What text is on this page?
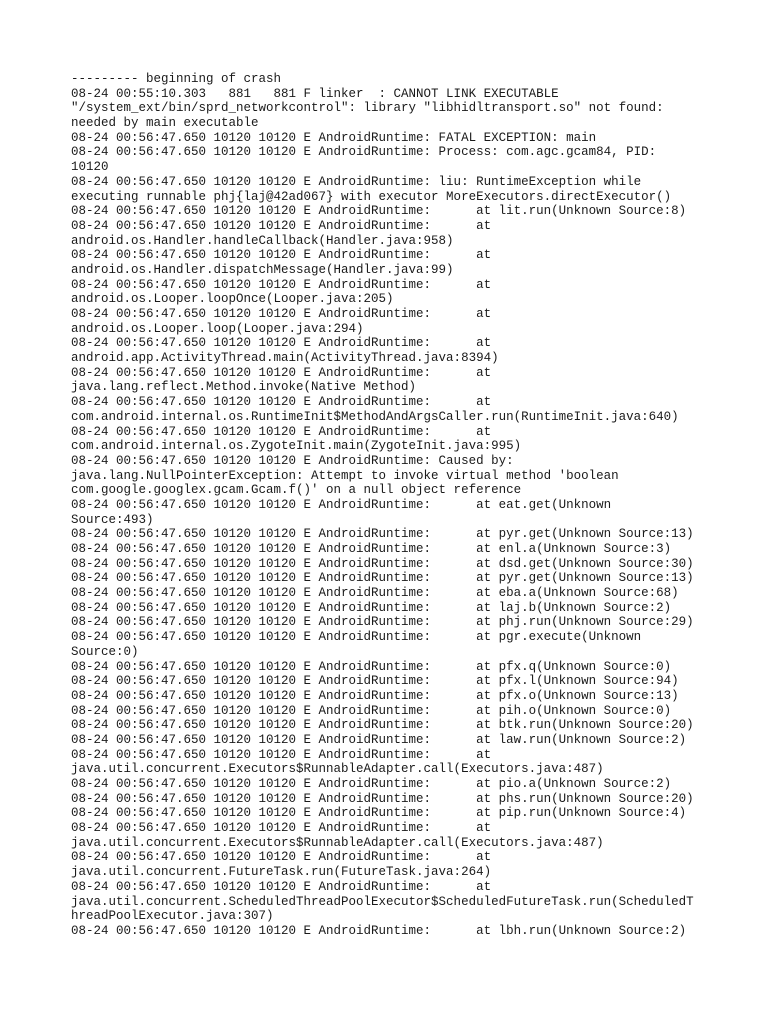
--------- beginning of crash
08-24 00:55:10.303   881   881 F linker  : CANNOT LINK EXECUTABLE
"/system_ext/bin/sprd_networkcontrol": library "libhidltransport.so" not found:
needed by main executable
08-24 00:56:47.650 10120 10120 E AndroidRuntime: FATAL EXCEPTION: main
08-24 00:56:47.650 10120 10120 E AndroidRuntime: Process: com.agc.gcam84, PID:
10120
08-24 00:56:47.650 10120 10120 E AndroidRuntime: liu: RuntimeException while
executing runnable phj{laj@42ad067} with executor MoreExecutors.directExecutor()
08-24 00:56:47.650 10120 10120 E AndroidRuntime:      at lit.run(Unknown Source:8)
08-24 00:56:47.650 10120 10120 E AndroidRuntime:      at
android.os.Handler.handleCallback(Handler.java:958)
08-24 00:56:47.650 10120 10120 E AndroidRuntime:      at
android.os.Handler.dispatchMessage(Handler.java:99)
08-24 00:56:47.650 10120 10120 E AndroidRuntime:      at
android.os.Looper.loopOnce(Looper.java:205)
08-24 00:56:47.650 10120 10120 E AndroidRuntime:      at
android.os.Looper.loop(Looper.java:294)
08-24 00:56:47.650 10120 10120 E AndroidRuntime:      at
android.app.ActivityThread.main(ActivityThread.java:8394)
08-24 00:56:47.650 10120 10120 E AndroidRuntime:      at
java.lang.reflect.Method.invoke(Native Method)
08-24 00:56:47.650 10120 10120 E AndroidRuntime:      at
com.android.internal.os.RuntimeInit$MethodAndArgsCaller.run(RuntimeInit.java:640)
08-24 00:56:47.650 10120 10120 E AndroidRuntime:      at
com.android.internal.os.ZygoteInit.main(ZygoteInit.java:995)
08-24 00:56:47.650 10120 10120 E AndroidRuntime: Caused by:
java.lang.NullPointerException: Attempt to invoke virtual method 'boolean
com.google.googlex.gcam.Gcam.f()' on a null object reference
08-24 00:56:47.650 10120 10120 E AndroidRuntime:      at eat.get(Unknown
Source:493)
08-24 00:56:47.650 10120 10120 E AndroidRuntime:      at pyr.get(Unknown Source:13)
08-24 00:56:47.650 10120 10120 E AndroidRuntime:      at enl.a(Unknown Source:3)
08-24 00:56:47.650 10120 10120 E AndroidRuntime:      at dsd.get(Unknown Source:30)
08-24 00:56:47.650 10120 10120 E AndroidRuntime:      at pyr.get(Unknown Source:13)
08-24 00:56:47.650 10120 10120 E AndroidRuntime:      at eba.a(Unknown Source:68)
08-24 00:56:47.650 10120 10120 E AndroidRuntime:      at laj.b(Unknown Source:2)
08-24 00:56:47.650 10120 10120 E AndroidRuntime:      at phj.run(Unknown Source:29)
08-24 00:56:47.650 10120 10120 E AndroidRuntime:      at pgr.execute(Unknown
Source:0)
08-24 00:56:47.650 10120 10120 E AndroidRuntime:      at pfx.q(Unknown Source:0)
08-24 00:56:47.650 10120 10120 E AndroidRuntime:      at pfx.l(Unknown Source:94)
08-24 00:56:47.650 10120 10120 E AndroidRuntime:      at pfx.o(Unknown Source:13)
08-24 00:56:47.650 10120 10120 E AndroidRuntime:      at pih.o(Unknown Source:0)
08-24 00:56:47.650 10120 10120 E AndroidRuntime:      at btk.run(Unknown Source:20)
08-24 00:56:47.650 10120 10120 E AndroidRuntime:      at law.run(Unknown Source:2)
08-24 00:56:47.650 10120 10120 E AndroidRuntime:      at
java.util.concurrent.Executors$RunnableAdapter.call(Executors.java:487)
08-24 00:56:47.650 10120 10120 E AndroidRuntime:      at pio.a(Unknown Source:2)
08-24 00:56:47.650 10120 10120 E AndroidRuntime:      at phs.run(Unknown Source:20)
08-24 00:56:47.650 10120 10120 E AndroidRuntime:      at pip.run(Unknown Source:4)
08-24 00:56:47.650 10120 10120 E AndroidRuntime:      at
java.util.concurrent.Executors$RunnableAdapter.call(Executors.java:487)
08-24 00:56:47.650 10120 10120 E AndroidRuntime:      at
java.util.concurrent.FutureTask.run(FutureTask.java:264)
08-24 00:56:47.650 10120 10120 E AndroidRuntime:      at
java.util.concurrent.ScheduledThreadPoolExecutor$ScheduledFutureTask.run(ScheduledT
hreadPoolExecutor.java:307)
08-24 00:56:47.650 10120 10120 E AndroidRuntime:      at lbh.run(Unknown Source:2)
